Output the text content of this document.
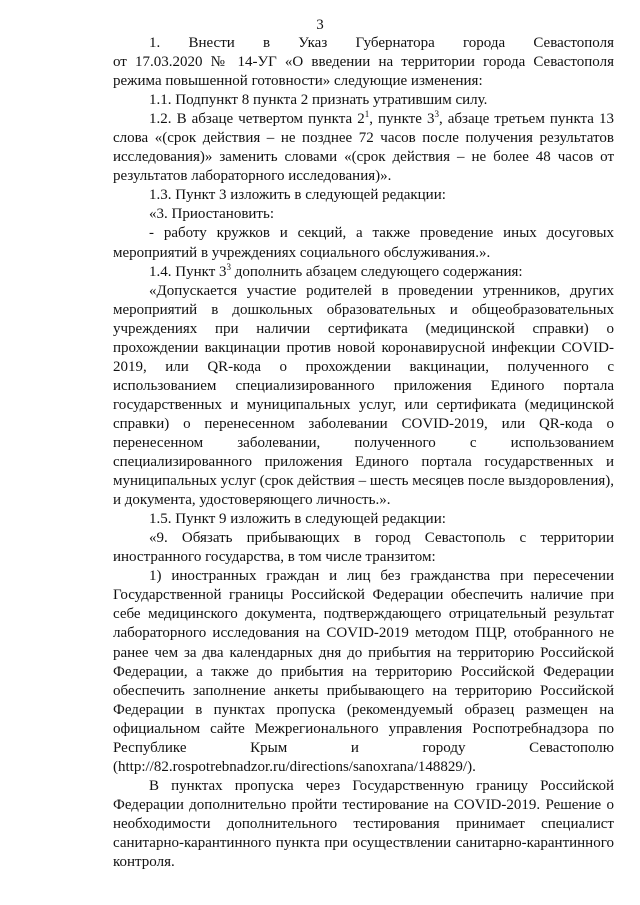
3

1. Внести в Указ Губернатора города Севастополя

от 17.03.2020 № 14-УГ «О введении на территории города Севастополя режима повышенной готовности» следующие изменения:

1.1. Подпункт 8 пункта 2 признать утратившим силу.

1.2. В абзаце четвертом пункта $2^1$, пункте $3^3$, абзаце третьем пункта 13 слова «(срок действия – не позднее 72 часов после получения результатов исследования)» заменить словами «(срок действия – не более 48 часов от результатов лабораторного исследования)».

1.3. Пункт 3 изложить в следующей редакции:

«3. Приостановить:

- работу кружков и секций, а также проведение иных досуговых мероприятий в учреждениях социального обслуживания.».

1.4. Пункт $3^3$ дополнить абзацем следующего содержания:

«Допускается участие родителей в проведении утренников, других мероприятий в дошкольных образовательных и общеобразовательных учреждениях при наличии сертификата (медицинской справки) о прохождении вакцинации против новой коронавирусной инфекции COVID-2019, или QR-кода о прохождении вакцинации, полученного с использованием специализированного приложения Единого портала государственных и муниципальных услуг, или сертификата (медицинской справки) о перенесенном заболевании COVID-2019, или QR-кода о перенесенном заболевании, полученного с использованием специализированного приложения Единого портала государственных и муниципальных услуг (срок действия – шесть месяцев после выздоровления), и документа, удостоверяющего личность.».

1.5. Пункт 9 изложить в следующей редакции:

«9. Обязать прибывающих в город Севастополь с территории иностранного государства, в том числе транзитом:

1) иностранных граждан и лиц без гражданства при пересечении Государственной границы Российской Федерации обеспечить наличие при себе медицинского документа, подтверждающего отрицательный результат лабораторного исследования на COVID-2019 методом ПЦР, отобранного не ранее чем за два календарных дня до прибытия на территорию Российской Федерации, а также до прибытия на территорию Российской Федерации обеспечить заполнение анкеты прибывающего на территорию Российской Федерации в пунктах пропуска (рекомендуемый образец размещен на официальном сайте Межрегионального управления Роспотребнадзора по Республике Крым и городу Севастополю

(http://82.rospotrebnadzor.ru/directions/sanoxrana/148829/).

В пунктах пропуска через Государственную границу Российской Федерации дополнительно пройти тестирование на COVID-2019. Решение о необходимости дополнительного тестирования принимает специалист санитарно-карантинного пункта при осуществлении санитарно-карантинного контроля.
